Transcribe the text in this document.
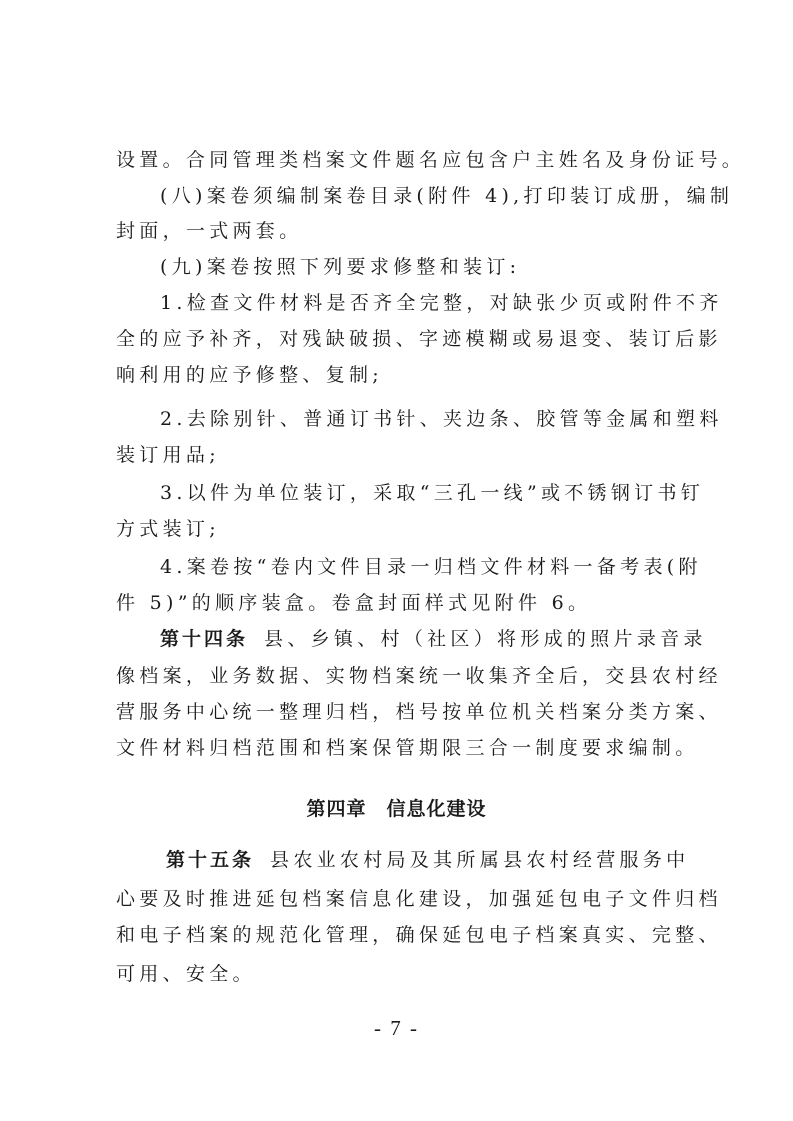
设置。合同管理类档案文件题名应包含户主姓名及身份证号。
(八)案卷须编制案卷目录(附件 4),打印装订成册，编制
封面，一式两套。
(九)案卷按照下列要求修整和装订:
1.检查文件材料是否齐全完整，对缺张少页或附件不齐
全的应予补齐，对残缺破损、字迹模糊或易退变、装订后影
响利用的应予修整、复制;
2.去除别针、普通订书针、夹边条、胶管等金属和塑料
装订用品;
3.以件为单位装订，采取“三孔一线”或不锈钢订书钉
方式装订;
4.案卷按“卷内文件目录一归档文件材料一备考表(附
件 5)”的顺序装盒。卷盒封面样式见附件 6。
第十四条 县、乡镇、村（社区）将形成的照片录音录
像档案，业务数据、实物档案统一收集齐全后，交县农村经
营服务中心统一整理归档，档号按单位机关档案分类方案、
文件材料归档范围和档案保管期限三合一制度要求编制。
第四章 信息化建设
第十五条 县农业农村局及其所属县农村经营服务中
心要及时推进延包档案信息化建设，加强延包电子文件归档
和电子档案的规范化管理，确保延包电子档案真实、完整、
可用、安全。
- 7 -
